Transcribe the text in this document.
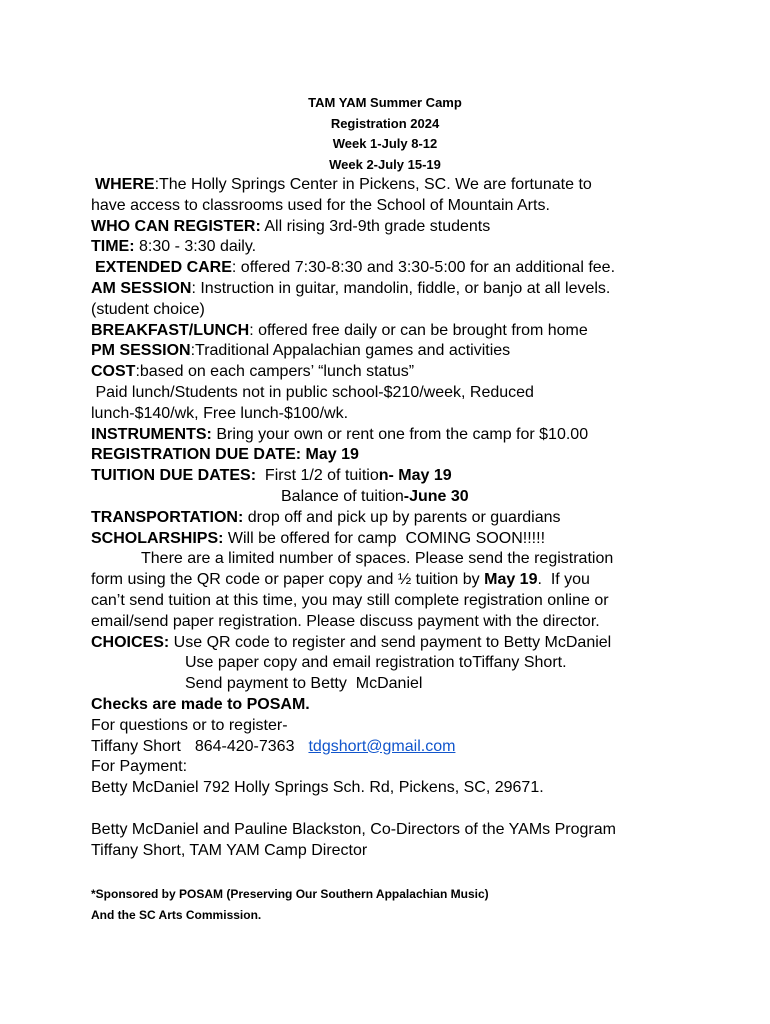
TAM YAM Summer Camp
Registration 2024
Week 1-July 8-12
Week 2-July 15-19
WHERE:The Holly Springs Center in Pickens, SC. We are fortunate to
have access to classrooms used for the School of Mountain Arts.
WHO CAN REGISTER: All rising 3rd-9th grade students
TIME: 8:30 - 3:30 daily.
EXTENDED CARE: offered 7:30-8:30 and 3:30-5:00 for an additional fee.
AM SESSION: Instruction in guitar, mandolin, fiddle, or banjo at all levels.
(student choice)
BREAKFAST/LUNCH: offered free daily or can be brought from home
PM SESSION:Traditional Appalachian games and activities
COST:based on each campers’ “lunch status”
Paid lunch/Students not in public school-$210/week, Reduced
lunch-$140/wk, Free lunch-$100/wk.
INSTRUMENTS: Bring your own or rent one from the camp for $10.00
REGISTRATION DUE DATE: May 19
TUITION DUE DATES:  First 1/2 of tuition- May 19
Balance of tuition-June 30
TRANSPORTATION: drop off and pick up by parents or guardians
SCHOLARSHIPS: Will be offered for camp  COMING SOON!!!!!
There are a limited number of spaces. Please send the registration
form using the QR code or paper copy and ½ tuition by May 19.  If you
can’t send tuition at this time, you may still complete registration online or
email/send paper registration. Please discuss payment with the director.
CHOICES: Use QR code to register and send payment to Betty McDaniel
Use paper copy and email registration toTiffany Short.
Send payment to Betty  McDaniel
Checks are made to POSAM.
For questions or to register-
Tiffany Short 864-420-7363 tdgshort@gmail.com
For Payment:
Betty McDaniel 792 Holly Springs Sch. Rd, Pickens, SC, 29671.
Betty McDaniel and Pauline Blackston, Co-Directors of the YAMs Program
Tiffany Short, TAM YAM Camp Director
*Sponsored by POSAM (Preserving Our Southern Appalachian Music)
And the SC Arts Commission.
